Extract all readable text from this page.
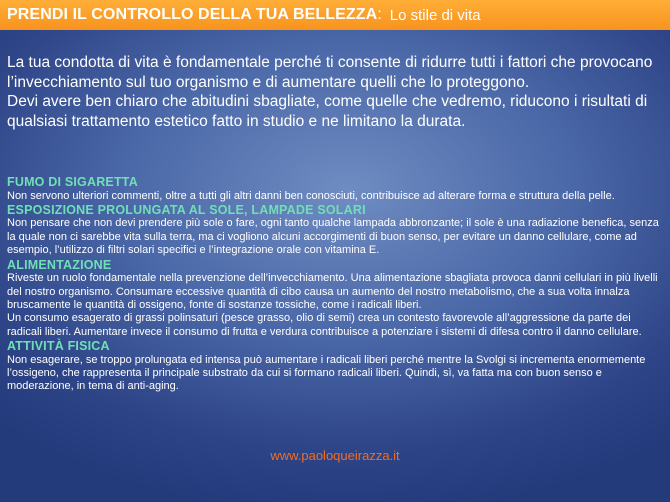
PRENDI IL CONTROLLO DELLA TUA BELLEZZA : Lo stile di vita

La tua condotta di vita è fondamentale perché ti consente di ridurre tutti i fattori che provocano l’invecchiamento sul tuo organismo e di aumentare quelli che lo proteggono.

Devi avere ben chiaro che abitudini sbagliate, come quelle che vedremo, riducono i risultati di qualsiasi trattamento estetico fatto in studio e ne limitano la durata.

FUMO DI SIGARETTA

Non servono ulteriori commenti, oltre a tutti gli altri danni ben conosciuti, contribuisce ad alterare forma e struttura della pelle.

ESPOSIZIONE PROLUNGATA AL SOLE, LAMPADE SOLARI

Non pensare che non devi prendere più sole o fare, ogni tanto qualche lampada abbronzante; il sole è una radiazione benefica, senza la quale non ci sarebbe vita sulla terra, ma ci vogliono alcuni accorgimenti di buon senso, per evitare un danno cellulare, come ad esempio, l’utilizzo di filtri solari specifici e l’integrazione orale con vitamina E.

ALIMENTAZIONE

Riveste un ruolo fondamentale nella prevenzione dell’invecchiamento. Una alimentazione sbagliata provoca danni cellulari in più livelli del nostro organismo. Consumare eccessive quantità di cibo causa un aumento del nostro metabolismo, che a sua volta innalza bruscamente le quantità di ossigeno, fonte di sostanze tossiche, come i radicali liberi.
Un consumo esagerato di grassi polinsaturi (pesce grasso, olio di semi) crea un contesto favorevole all’aggressione da parte dei radicali liberi. Aumentare invece il consumo di frutta e verdura contribuisce a potenziare i sistemi di difesa contro il danno cellulare.

ATTIVITÀ FISICA

Non esagerare, se troppo prolungata ed intensa può aumentare i radicali liberi perché mentre la Svolgi si incrementa enormemente l’ossigeno, che rappresenta il principale substrato da cui si formano radicali liberi. Quindi, sì, va fatta ma con buon senso e moderazione, in tema di anti-aging.

www.paoloqueirazza.it
